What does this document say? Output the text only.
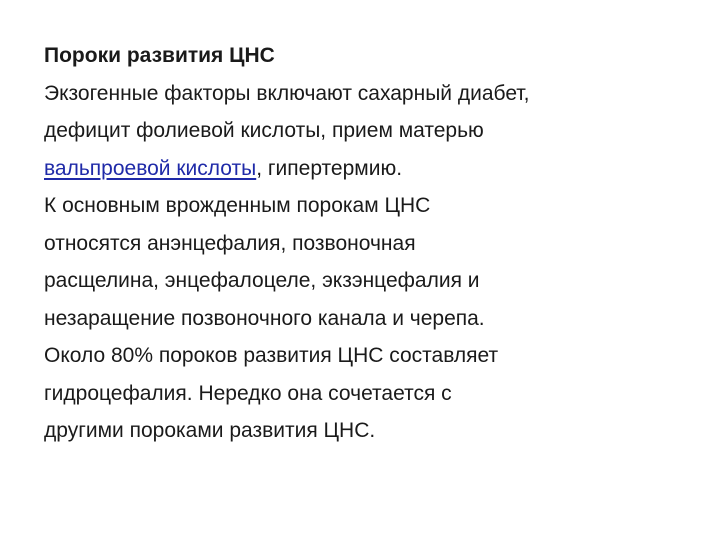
Пороки развития ЦНС
Экзогенные факторы включают сахарный диабет,
дефицит фолиевой кислоты, прием матерью
вальпроевой кислоты, гипертермию.
К основным врожденным порокам ЦНС
относятся анэнцефалия, позвоночная
расщелина, энцефалоцеле, экзэнцефалия и
незаращение позвоночного канала и черепа.
Около 80% пороков развития ЦНС составляет
гидроцефалия. Нередко она сочетается с
другими пороками развития ЦНС.
